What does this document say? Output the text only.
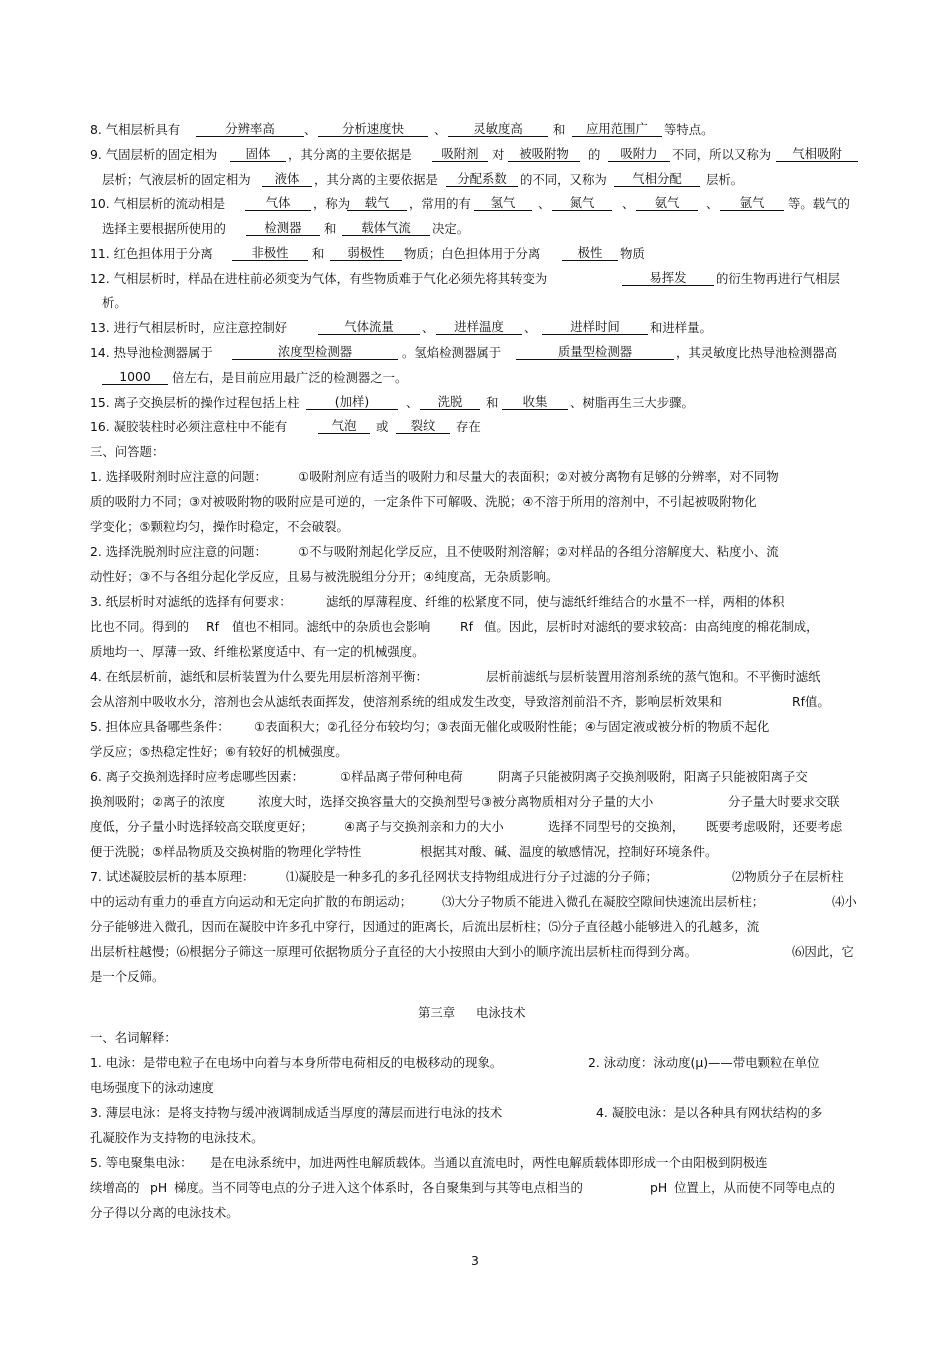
8. 气相层析具有	分辨率高	、	分析速度快	、	灵敏度高	和	应用范围广	等特点。
9. 气固层析的固定相为	固体	，其分离的主要依据是	吸附剂	对	被吸附物	的	吸附力	不同，所以又称为	气相吸附
层析；气液层析的固定相为	液体	，其分离的主要依据是	分配系数	的不同，又称为	气相分配	层析。
10. 气相层析的流动相是	气体	，称为	载气	，常用的有	氢气	、	氮气	、	氨气	、	氩气	等。载气的
选择主要根据所使用的	检测器	和	载体气流	决定。
11. 红色担体用于分离	非极性	和	弱极性	物质；白色担体用于分离	极性	物质
12. 气相层析时，样品在进柱前必须变为气体，有些物质难于气化必须先将其转变为	易挥发	的衍生物再进行气相层
析。
13. 进行气相层析时，应注意控制好	气体流量	、	进样温度	、	进样时间	和进样量。
14. 热导池检测器属于	浓度型检测器	。氢焰检测器属于	质量型检测器	，其灵敏度比热导池检测器高
1000	倍左右，是目前应用最广泛的检测器之一。
15. 离子交换层析的操作过程包括上柱	(加样)	、	洗脱	和	收集	、树脂再生三大步骤。
16. 凝胶装柱时必须注意柱中不能有	气泡	或	裂纹	存在
三、问答题：
1. 选择吸附剂时应注意的问题：	①吸附剂应有适当的吸附力和尽量大的表面积；②对被分离物有足够的分辨率，对不同物
质的吸附力不同；③对被吸附物的吸附应是可逆的，一定条件下可解吸、洗脱；④不溶于所用的溶剂中，不引起被吸附物化
学变化；⑤颗粒均匀，操作时稳定，不会破裂。
2. 选择洗脱剂时应注意的问题：	①不与吸附剂起化学反应，且不使吸附剂溶解；②对样品的各组分溶解度大、粘度小、流
动性好；③不与各组分起化学反应，且易与被洗脱组分分开；④纯度高，无杂质影响。
3. 纸层析时对滤纸的选择有何要求：	滤纸的厚薄程度、纤维的松紧度不同，使与滤纸纤维结合的水量不一样，两相的体积
比也不同。得到的 Rf 值也不相同。滤纸中的杂质也会影响 Rf 值。因此，层析时对滤纸的要求较高：由高纯度的棉花制成，
质地均一、厚薄一致、纤维松紧度适中、有一定的机械强度。
4. 在纸层析前，滤纸和层析装置为什么要先用层析溶剂平衡：	层析前滤纸与层析装置用溶剂系统的蒸气饱和。不平衡时滤纸
会从溶剂中吸收水分，溶剂也会从滤纸表面挥发，使溶剂系统的组成发生改变，导致溶剂前沿不齐，影响层析效果和	Rf值。
5. 担体应具备哪些条件： ①表面积大；②孔径分布较均匀；③表面无催化或吸附性能；④与固定液或被分析的物质不起化
学反应；⑤热稳定性好；⑥有较好的机械强度。
6. 离子交换剂选择时应考虑哪些因素：	①样品离子带何种电荷	阴离子只能被阴离子交换剂吸附，阳离子只能被阳离子交
换剂吸附；②离子的浓度	浓度大时，选择交换容量大的交换剂型号③被分离物质相对分子量的大小	分子量大时要求交联
度低，分子量小时选择较高交联度更好； ④离子与交换剂亲和力的大小	选择不同型号的交换剂， 既要考虑吸附，还要考虑
便于洗脱；⑤样品物质及交换树脂的物理化学特性	根据其对酸、碱、温度的敏感情况，控制好环境条件。
7. 试述凝胶层析的基本原理：	⑴凝胶是一种多孔的多孔径网状支持物组成进行分子过滤的分子筛；	⑵物质分子在层析柱
中的运动有重力的垂直方向运动和无定向扩散的布朗运动； ⑶大分子物质不能进入微孔在凝胶空隙间快速流出层析柱；	⑷小
分子能够进入微孔，因而在凝胶中许多孔中穿行，因通过的距离长，后流出层析柱；⑸分子直径越小能够进入的孔越多，流
出层析柱越慢；⑹根据分子筛这一原理可依据物质分子直径的大小按照由大到小的顺序流出层析柱而得到分离。	⑹因此，它
是一个反筛。
第三章 电泳技术
一、名词解释：
1. 电泳：是带电粒子在电场中向着与本身所带电荷相反的电极移动的现象。	2. 泳动度：泳动度(μ)——带电颗粒在单位
电场强度下的泳动速度
3. 薄层电泳：是将支持物与缓冲液调制成适当厚度的薄层而进行电泳的技术	4. 凝胶电泳：是以各种具有网状结构的多
孔凝胶作为支持物的电泳技术。
5. 等电聚集电泳： 是在电泳系统中，加进两性电解质载体。当通以直流电时，两性电解质载体即形成一个由阳极到阴极连
续增高的 pH 梯度。当不同等电点的分子进入这个体系时，各自聚集到与其等电点相当的	pH 位置上，从而使不同等电点的
分子得以分离的电泳技术。
3
